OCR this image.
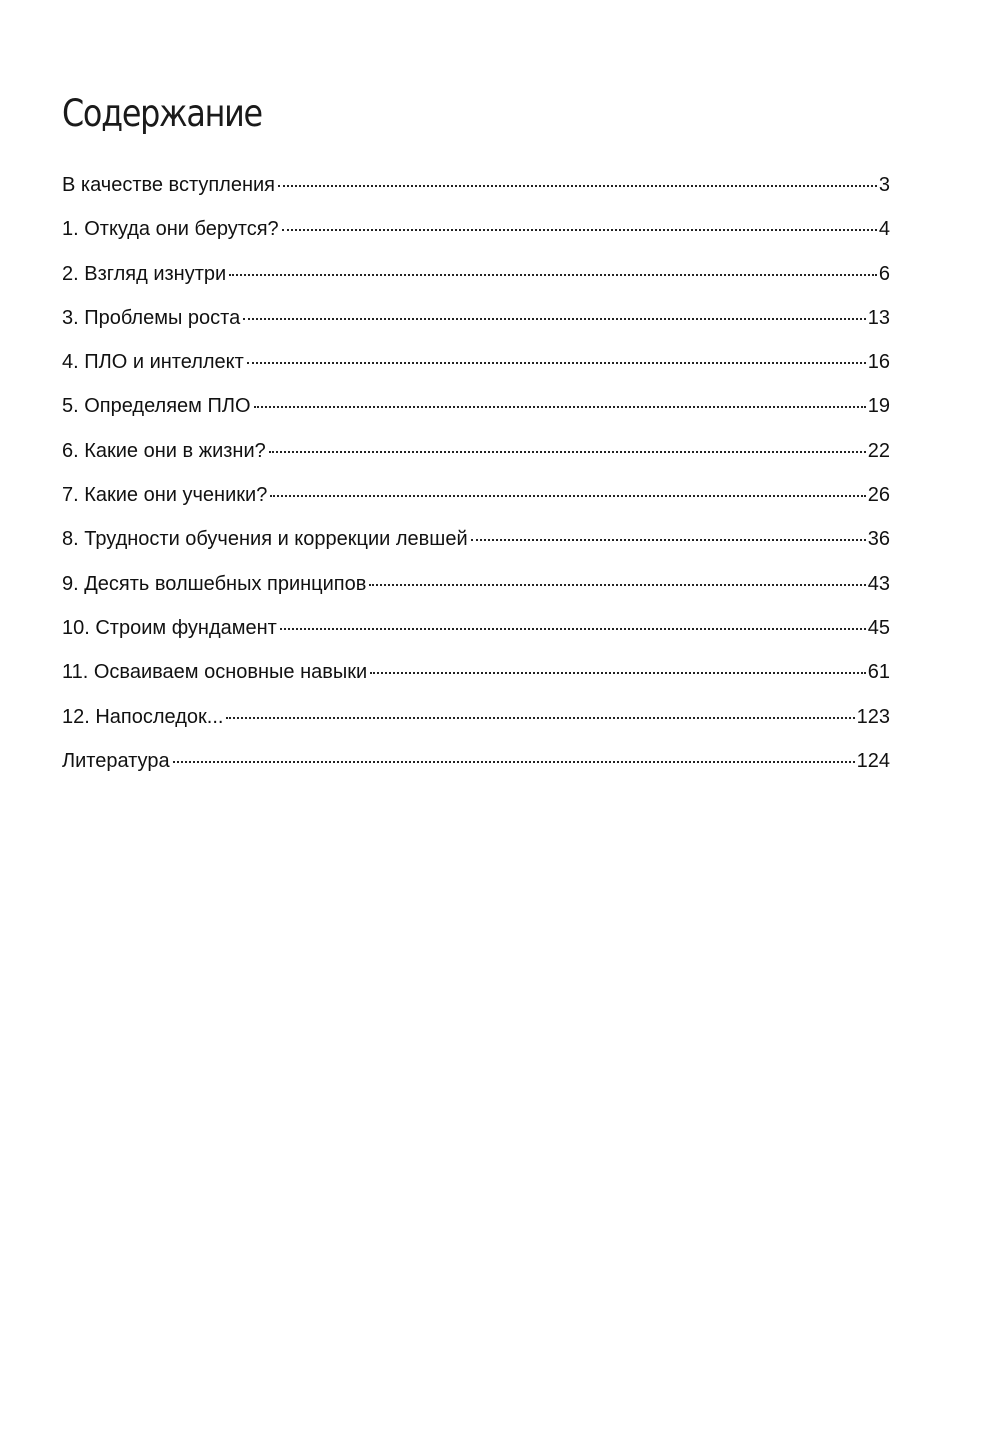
Содержание
В качестве вступления	3
1. Откуда они берутся?	4
2. Взгляд изнутри	6
3. Проблемы роста	13
4. ПЛО и интеллект	16
5. Определяем ПЛО	19
6. Какие они в жизни?	22
7. Какие они ученики?	26
8. Трудности обучения и коррекции левшей	36
9. Десять волшебных принципов	43
10. Строим фундамент	45
11. Осваиваем основные навыки	61
12. Напоследок...	123
Литература	124
